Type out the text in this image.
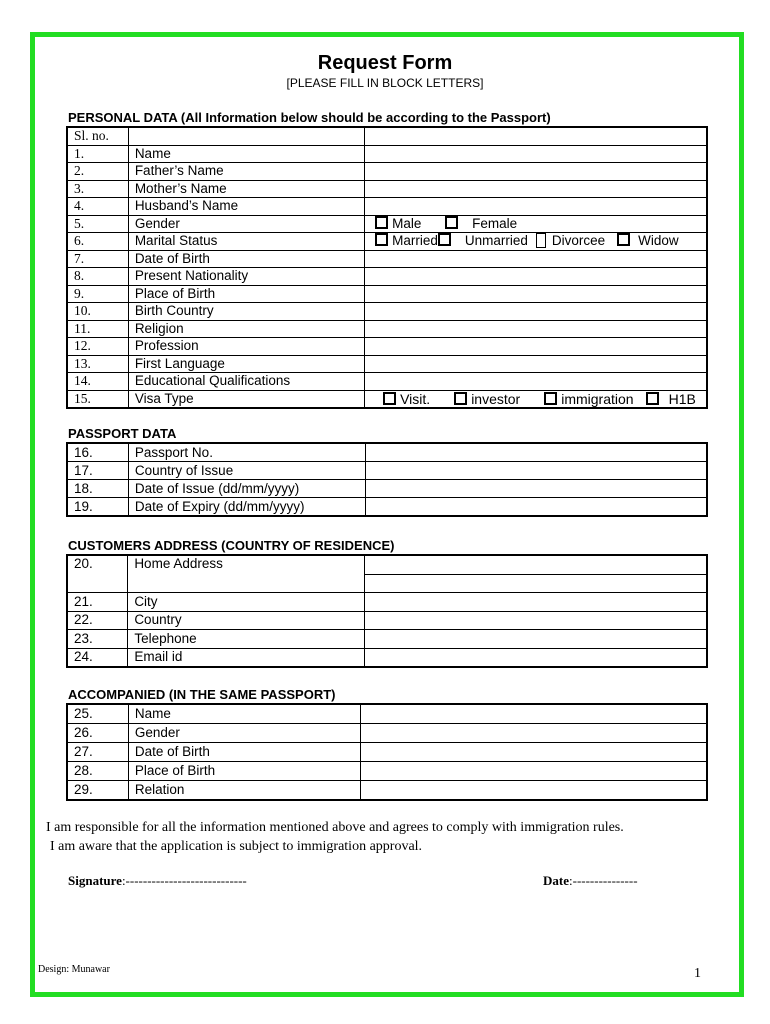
Request Form
[PLEASE FILL IN BLOCK LETTERS]
PERSONAL DATA (All Information below should be according to the Passport)
Sl. no.		
1.	Name	
2.	Father’s Name	
3.	Mother’s Name	
4.	Husband’s Name	
5.	Gender	Male Female
6.	Marital Status	Married Unmarried Divorcee Widow
7.	Date of Birth	
8.	Present Nationality	
9.	Place of Birth	
10.	Birth Country	
11.	Religion	
12.	Profession	
13.	First Language	
14.	Educational Qualifications	
15.	Visa Type	Visit. investor immigration H1B
PASSPORT DATA
16.	Passport No.	
17.	Country of Issue	
18.	Date of Issue (dd/mm/yyyy)	
19.	Date of Expiry (dd/mm/yyyy)	
CUSTOMERS ADDRESS (COUNTRY OF RESIDENCE)
20.	Home Address	

21.	City	
22.	Country	
23.	Telephone	
24.	Email id	
ACCOMPANIED (IN THE SAME PASSPORT)
25.	Name	
26.	Gender	
27.	Date of Birth	
28.	Place of Birth	
29.	Relation	
I am responsible for all the information mentioned above and agrees to comply with immigration rules.
I am aware that the application is subject to immigration approval.
Signature:----------------------------	Date:---------------
Design: Munawar	1
